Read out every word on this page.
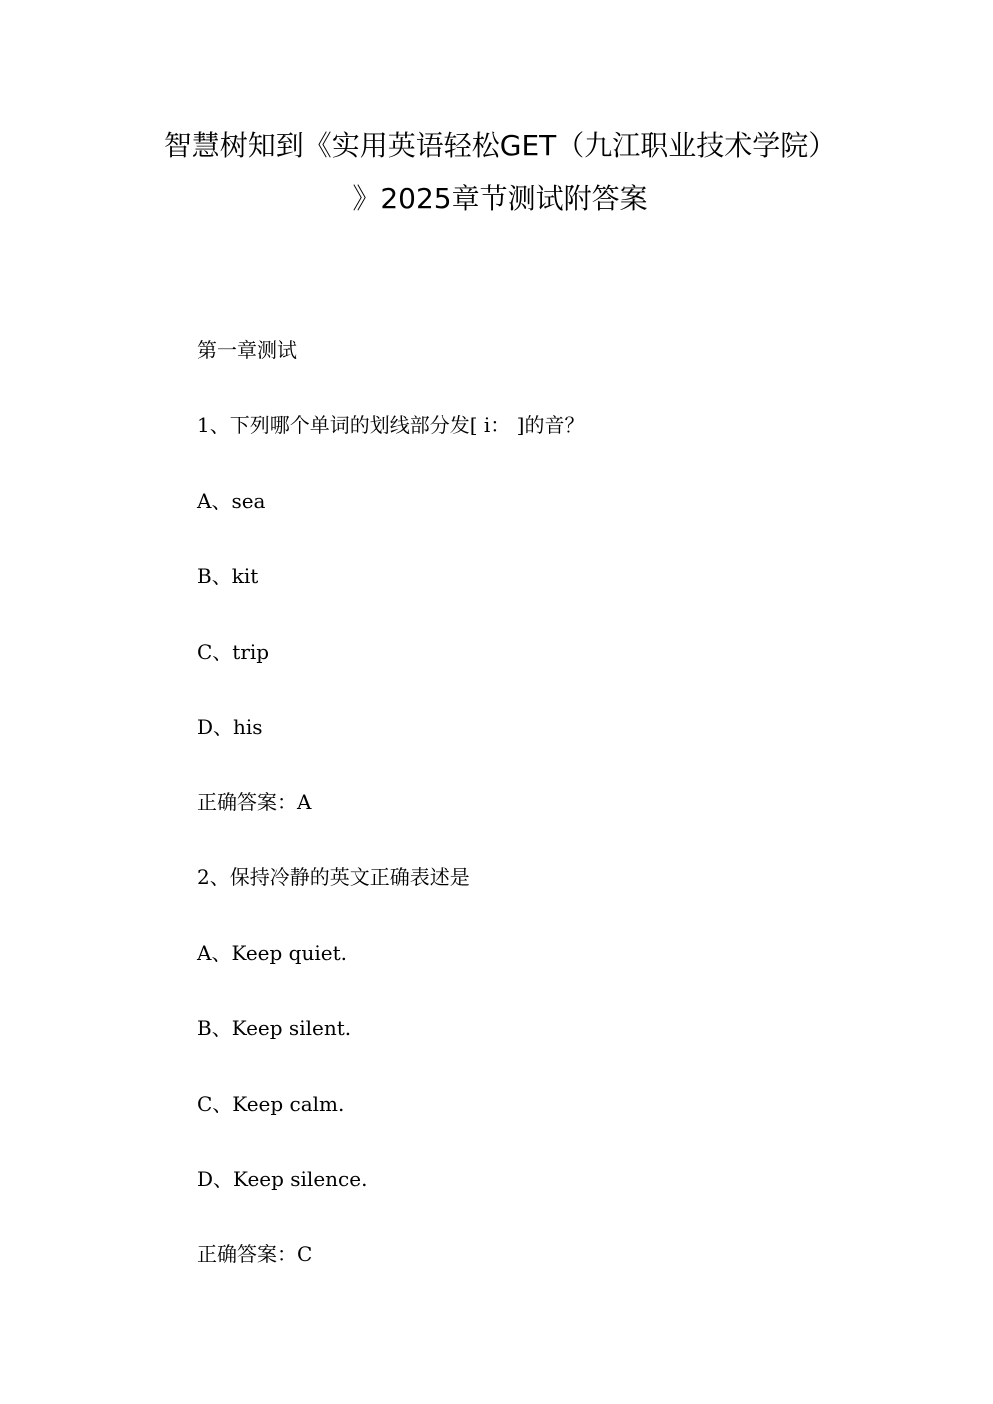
智慧树知到《实用英语轻松GET（九江职业技术学院）
》2025章节测试附答案
第一章测试
1、下列哪个单词的划线部分发[ i： ]的音？
A、sea
B、kit
C、trip
D、his
正确答案：A
2、保持冷静的英文正确表述是
A、Keep quiet.
B、Keep silent.
C、Keep calm.
D、Keep silence.
正确答案：C
